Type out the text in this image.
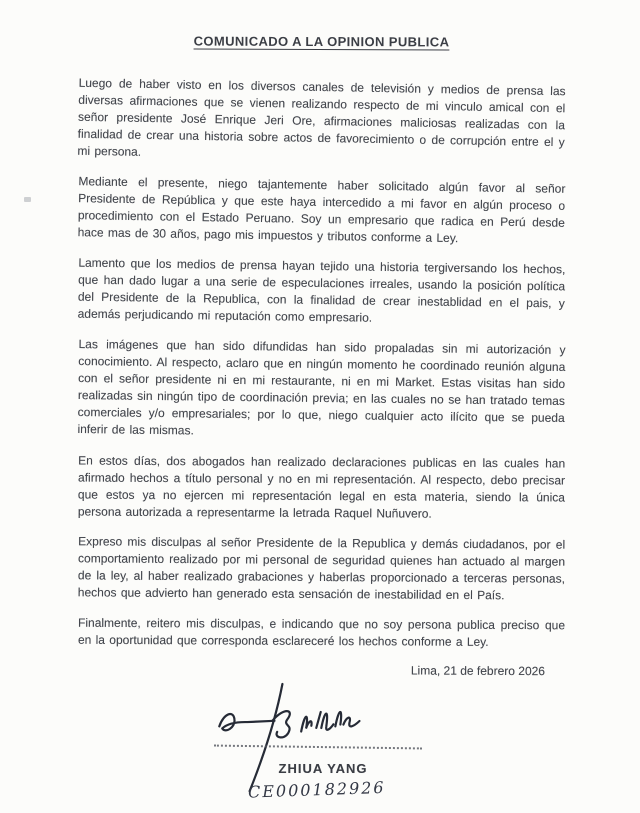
COMUNICADO A LA OPINION PUBLICA

Luego de haber visto en los diversos canales de televisión y medios de prensa las diversas afirmaciones que se vienen realizando respecto de mi vinculo amical con el señor presidente José Enrique Jeri Ore, afirmaciones maliciosas realizadas con la finalidad de crear una historia sobre actos de favorecimiento o de corrupción entre el y mi persona.

Mediante el presente, niego tajantemente haber solicitado algún favor al señor Presidente de República y que este haya intercedido a mi favor en algún proceso o procedimiento con el Estado Peruano. Soy un empresario que radica en Perú desde hace mas de 30 años, pago mis impuestos y tributos conforme a Ley.

Lamento que los medios de prensa hayan tejido una historia tergiversando los hechos, que han dado lugar a una serie de especulaciones irreales, usando la posición política del Presidente de la Republica, con la finalidad de crear inestablidad en el pais, y además perjudicando mi reputación como empresario.

Las imágenes que han sido difundidas han sido propaladas sin mi autorización y conocimiento. Al respecto, aclaro que en ningún momento he coordinado reunión alguna con el señor presidente ni en mi restaurante, ni en mi Market. Estas visitas han sido realizadas sin ningún tipo de coordinación previa; en las cuales no se han tratado temas comerciales y/o empresariales; por lo que, niego cualquier acto ilícito que se pueda inferir de las mismas.

En estos días, dos abogados han realizado declaraciones publicas en las cuales han afirmado hechos a título personal y no en mi representación. Al respecto, debo precisar que estos ya no ejercen mi representación legal en esta materia, siendo la única persona autorizada a representarme la letrada Raquel Nuñuvero.

Expreso mis disculpas al señor Presidente de la Republica y demás ciudadanos, por el comportamiento realizado por mi personal de seguridad quienes han actuado al margen de la ley, al haber realizado grabaciones y haberlas proporcionado a terceras personas, hechos que advierto han generado esta sensación de inestabilidad en el País.

Finalmente, reitero mis disculpas, e indicando que no soy persona publica preciso que en la oportunidad que corresponda esclareceré los hechos conforme a Ley.

Lima, 21 de febrero 2026
ZHIUA YANG
CE000182926
